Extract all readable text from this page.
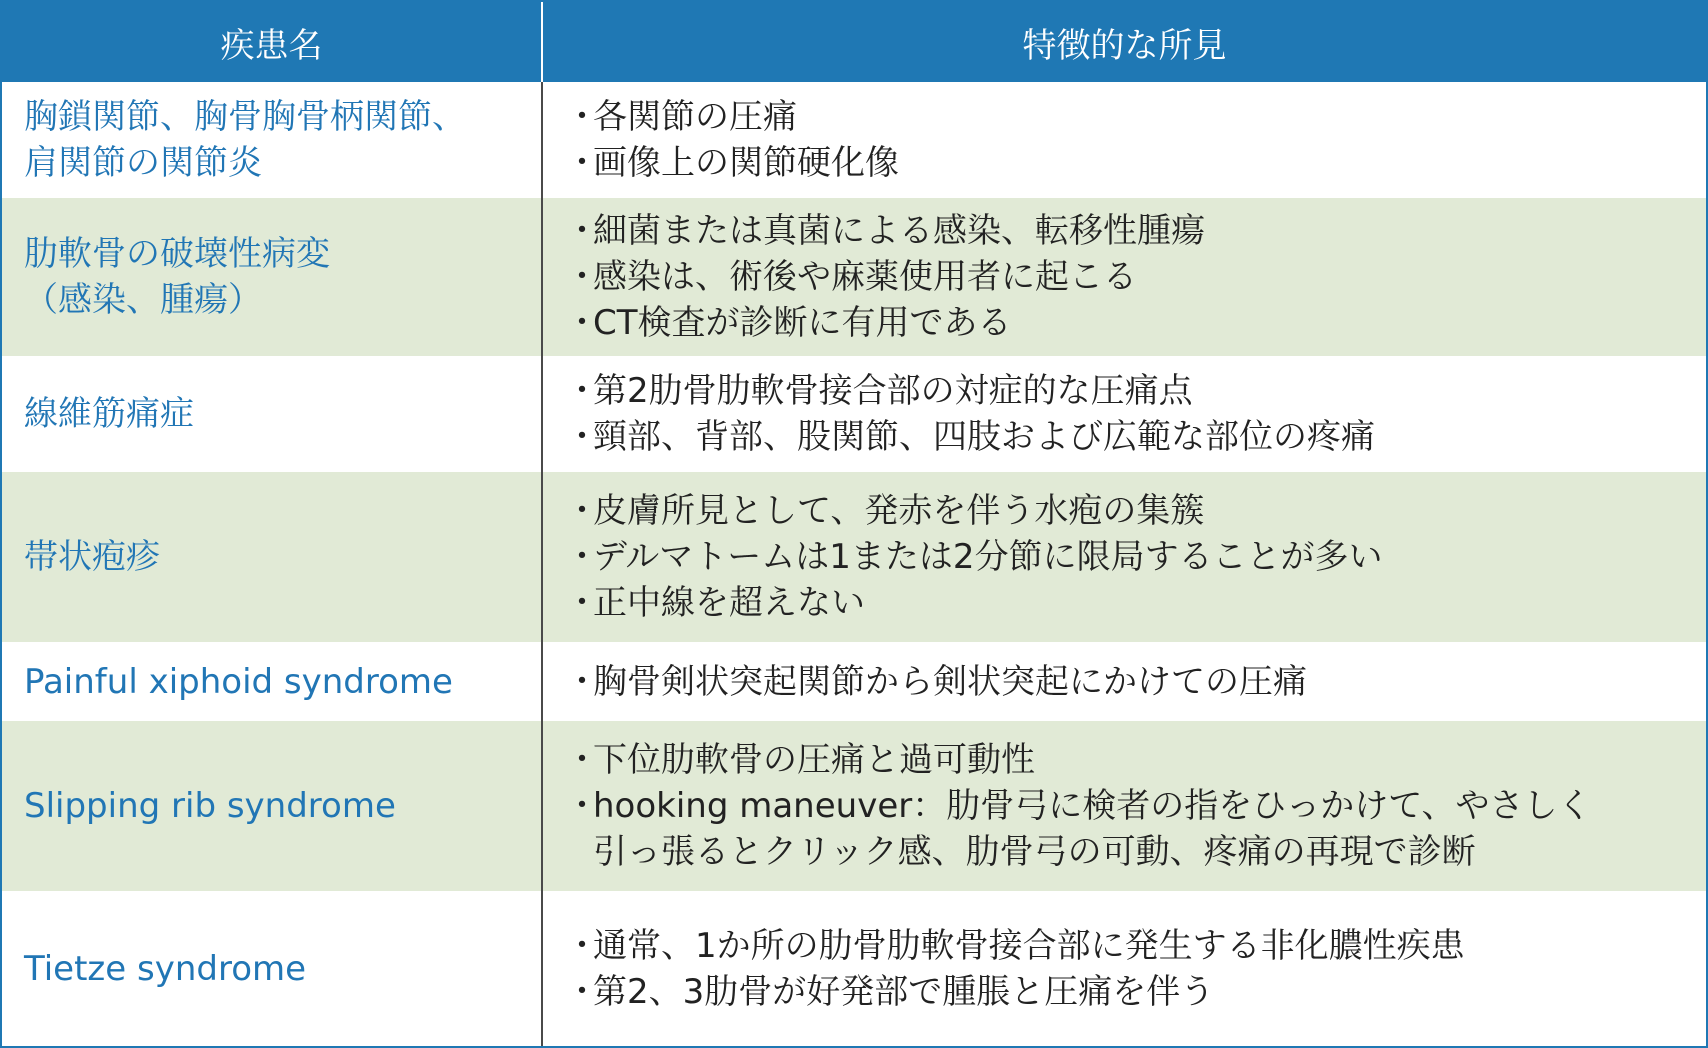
疾患名	特徴的な所見
胸鎖関節、胸骨胸骨柄関節、
肩関節の関節炎
・
各関節の圧痛
・
画像上の関節硬化像
肋軟骨の破壊性病変
（感染、腫瘍）
・
細菌または真菌による感染、転移性腫瘍
・
感染は、術後や麻薬使用者に起こる
・
CT検査が診断に有用である
線維筋痛症
・
第2肋骨肋軟骨接合部の対症的な圧痛点
・
頸部、背部、股関節、四肢および広範な部位の疼痛
帯状疱疹
・
皮膚所見として、発赤を伴う水疱の集簇
・
デルマトームは1または2分節に限局することが多い
・
正中線を超えない
Painful xiphoid syndrome	・
胸骨剣状突起関節から剣状突起にかけての圧痛
Slipping rib syndrome
・
下位肋軟骨の圧痛と過可動性
・
hooking maneuver：肋骨弓に検者の指をひっかけて、やさしく
引っ張るとクリック感、肋骨弓の可動、疼痛の再現で診断
Tietze syndrome
・
通常、1か所の肋骨肋軟骨接合部に発生する非化膿性疾患
・
第2、3肋骨が好発部で腫脹と圧痛を伴う
